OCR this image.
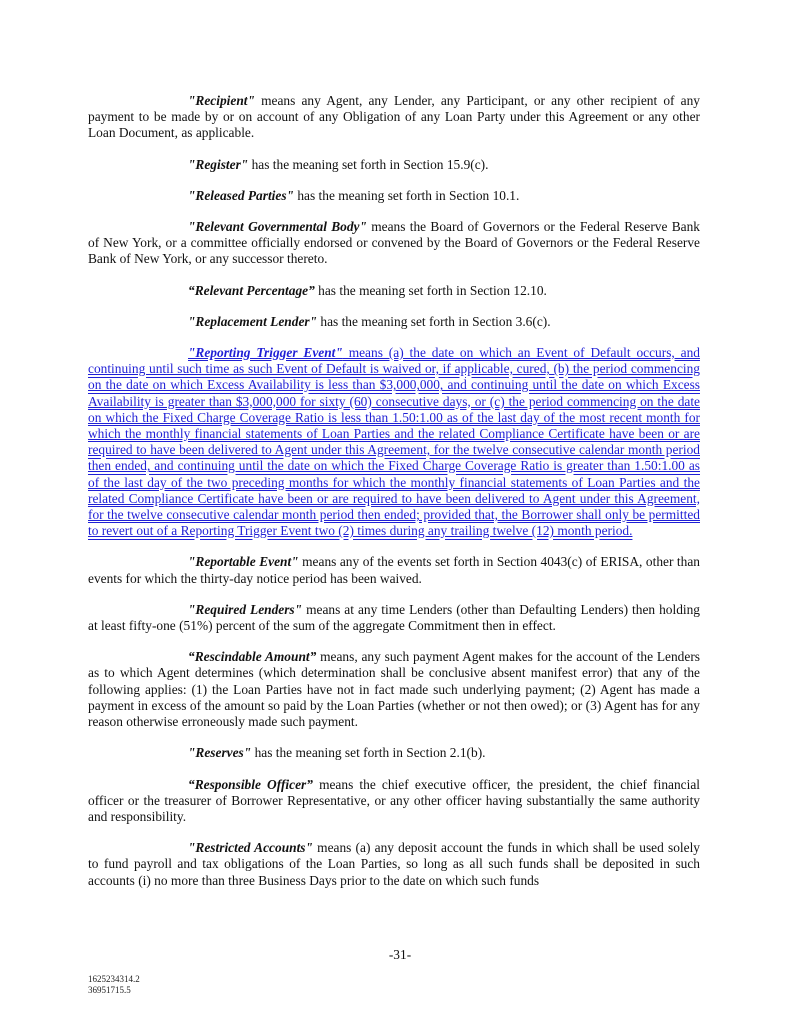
"Recipient" means any Agent, any Lender, any Participant, or any other recipient of any payment to be made by or on account of any Obligation of any Loan Party under this Agreement or any other Loan Document, as applicable.

"Register" has the meaning set forth in Section 15.9(c).

"Released Parties" has the meaning set forth in Section 10.1.

"Relevant Governmental Body" means the Board of Governors or the Federal Reserve Bank of New York, or a committee officially endorsed or convened by the Board of Governors or the Federal Reserve Bank of New York, or any successor thereto.

“Relevant Percentage” has the meaning set forth in Section 12.10.

"Replacement Lender" has the meaning set forth in Section 3.6(c).

"Reporting Trigger Event" means (a) the date on which an Event of Default occurs, and continuing until such time as such Event of Default is waived or, if applicable, cured, (b) the period commencing on the date on which Excess Availability is less than $3,000,000, and continuing until the date on which Excess Availability is greater than $3,000,000 for sixty (60) consecutive days, or (c) the period commencing on the date on which the Fixed Charge Coverage Ratio is less than 1.50:1.00 as of the last day of the most recent month for which the monthly financial statements of Loan Parties and the related Compliance Certificate have been or are required to have been delivered to Agent under this Agreement, for the twelve consecutive calendar month period then ended, and continuing until the date on which the Fixed Charge Coverage Ratio is greater than 1.50:1.00 as of the last day of the two preceding months for which the monthly financial statements of Loan Parties and the related Compliance Certificate have been or are required to have been delivered to Agent under this Agreement, for the twelve consecutive calendar month period then ended; provided that, the Borrower shall only be permitted to revert out of a Reporting Trigger Event two (2) times during any trailing twelve (12) month period.

"Reportable Event" means any of the events set forth in Section 4043(c) of ERISA, other than events for which the thirty-day notice period has been waived.

"Required Lenders" means at any time Lenders (other than Defaulting Lenders) then holding at least fifty-one (51%) percent of the sum of the aggregate Commitment then in effect.

“Rescindable Amount” means, any such payment Agent makes for the account of the Lenders as to which Agent determines (which determination shall be conclusive absent manifest error) that any of the following applies: (1) the Loan Parties have not in fact made such underlying payment; (2) Agent has made a payment in excess of the amount so paid by the Loan Parties (whether or not then owed); or (3) Agent has for any reason otherwise erroneously made such payment.

"Reserves" has the meaning set forth in Section 2.1(b).

“Responsible Officer” means the chief executive officer, the president, the chief financial officer or the treasurer of Borrower Representative, or any other officer having substantially the same authority and responsibility.

"Restricted Accounts" means (a) any deposit account the funds in which shall be used solely to fund payroll and tax obligations of the Loan Parties, so long as all such funds shall be deposited in such accounts (i) no more than three Business Days prior to the date on which such funds

-31-
1625234314.2
36951715.5
